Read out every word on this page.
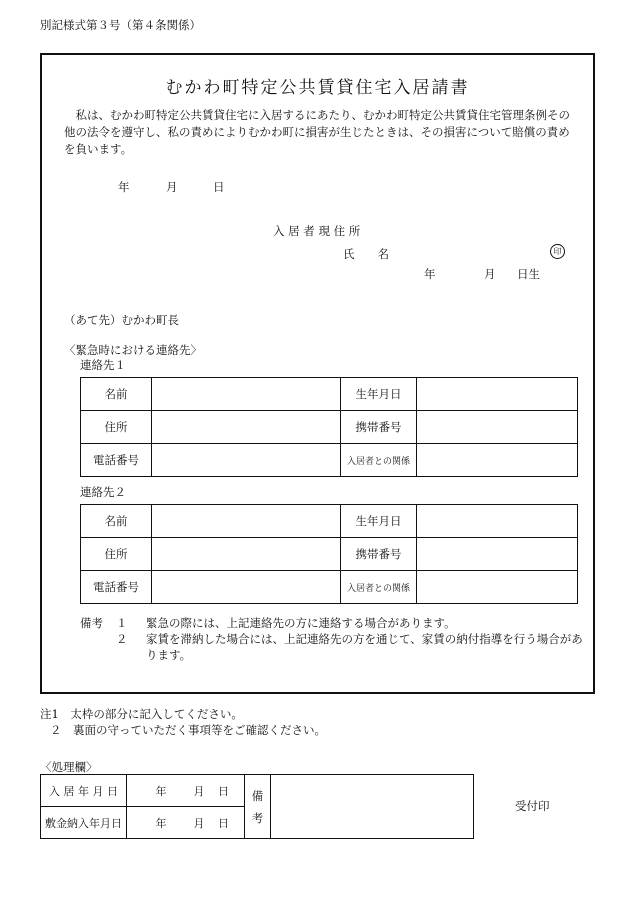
別記様式第３号（第４条関係）
むかわ町特定公共賃貸住宅入居請書
私は、むかわ町特定公共賃貸住宅に入居するにあたり、むかわ町特定公共賃貸住宅管理条例その他の法令を遵守し、私の責めによりむかわ町に損害が生じたときは、その損害について賠償の責めを負います。
年	月	日
入 居 者 現 住 所
氏　　名	印
年	月 日生
（あて先）むかわ町長
〈緊急時における連絡先〉
連絡先１
名前		生年月日	
住所		携帯番号	
電話番号		入居者との関係	
連絡先２
名前		生年月日	
住所		携帯番号	
電話番号		入居者との関係	
備考 １ 緊急の際には、上記連絡先の方に連絡する場合があります。
２ 家賃を滞納した場合には、上記連絡先の方を通じて、家賃の納付指導を行う場合があ
ります。
注1　太枠の部分に記入してください。
２　裏面の守っていただく事項等をご確認ください。
〈処理欄〉
入 居 年 月 日	年 月 日	備
考	
敷金納入年月日	年 月 日		
受付印
